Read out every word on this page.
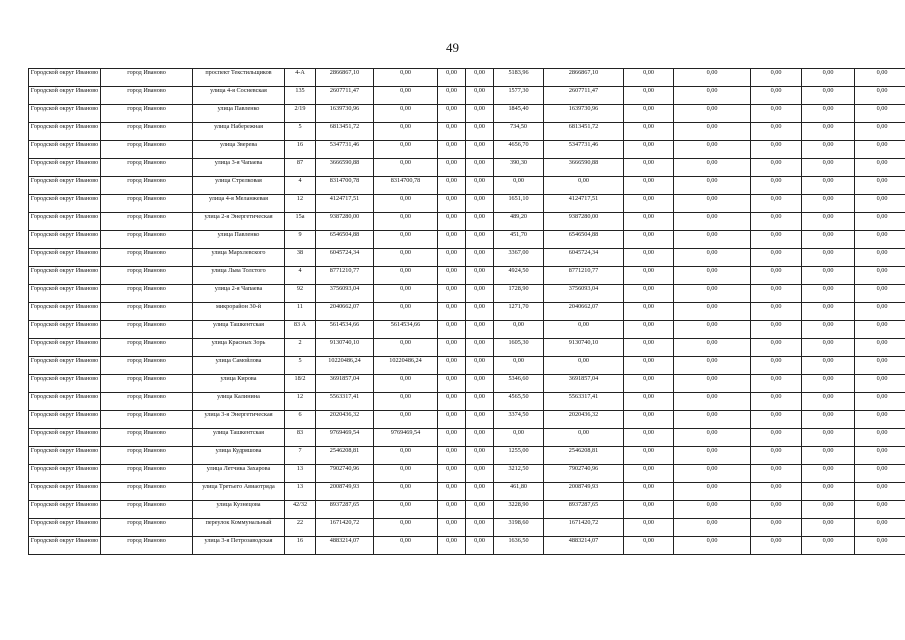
49
Городской округ Иваново	город Иваново	проспект Текстильщиков	4-А	2866867,10	0,00	0,00	0,00	5183,96	2866867,10	0,00	0,00	0,00	0,00	0,00
Городской округ Иваново	город Иваново	улица 4-я Сосневская	135	2607711,47	0,00	0,00	0,00	1577,30	2607711,47	0,00	0,00	0,00	0,00	0,00
Городской округ Иваново	город Иваново	улица Павленко	2/19	1639730,96	0,00	0,00	0,00	1845,40	1639730,96	0,00	0,00	0,00	0,00	0,00
Городской округ Иваново	город Иваново	улица Набережная	5	6813451,72	0,00	0,00	0,00	734,50	6813451,72	0,00	0,00	0,00	0,00	0,00
Городской округ Иваново	город Иваново	улица Зверева	16	5347731,46	0,00	0,00	0,00	4656,70	5347731,46	0,00	0,00	0,00	0,00	0,00
Городской округ Иваново	город Иваново	улица 3-я Чапаева	87	3666590,88	0,00	0,00	0,00	390,30	3666590,88	0,00	0,00	0,00	0,00	0,00
Городской округ Иваново	город Иваново	улица Стрелковая	4	8314700,78	8314700,78	0,00	0,00	0,00	0,00	0,00	0,00	0,00	0,00	0,00
Городской округ Иваново	город Иваново	улица 4-я Меланжевая	12	4124717,51	0,00	0,00	0,00	1651,10	4124717,51	0,00	0,00	0,00	0,00	0,00
Городской округ Иваново	город Иваново	улица 2-я Энергетическая	15а	9387280,00	0,00	0,00	0,00	489,20	9387280,00	0,00	0,00	0,00	0,00	0,00
Городской округ Иваново	город Иваново	улица Павленко	9	6546504,88	0,00	0,00	0,00	451,70	6546504,88	0,00	0,00	0,00	0,00	0,00
Городской округ Иваново	город Иваново	улица Мархлевского	38	6045724,34	0,00	0,00	0,00	3367,00	6045724,34	0,00	0,00	0,00	0,00	0,00
Городской округ Иваново	город Иваново	улица Льва Толстого	4	8771210,77	0,00	0,00	0,00	4924,50	8771210,77	0,00	0,00	0,00	0,00	0,00
Городской округ Иваново	город Иваново	улица 2-я Чапаева	92	3756093,04	0,00	0,00	0,00	1728,90	3756093,04	0,00	0,00	0,00	0,00	0,00
Городской округ Иваново	город Иваново	микрорайон 30-й	11	2040662,07	0,00	0,00	0,00	1271,70	2040662,07	0,00	0,00	0,00	0,00	0,00
Городской округ Иваново	город Иваново	улица Ташкентская	83 А	5614534,66	5614534,66	0,00	0,00	0,00	0,00	0,00	0,00	0,00	0,00	0,00
Городской округ Иваново	город Иваново	улица Красных Зорь	2	9130740,10	0,00	0,00	0,00	1605,30	9130740,10	0,00	0,00	0,00	0,00	0,00
Городской округ Иваново	город Иваново	улица Самойлова	5	10220486,24	10220486,24	0,00	0,00	0,00	0,00	0,00	0,00	0,00	0,00	0,00
Городской округ Иваново	город Иваново	улица Кирова	18/2	3691857,04	0,00	0,00	0,00	5346,60	3691857,04	0,00	0,00	0,00	0,00	0,00
Городской округ Иваново	город Иваново	улица Калинина	12	5563317,41	0,00	0,00	0,00	4565,50	5563317,41	0,00	0,00	0,00	0,00	0,00
Городской округ Иваново	город Иваново	улица 3-я Энергетическая	6	2020436,32	0,00	0,00	0,00	3374,50	2020436,32	0,00	0,00	0,00	0,00	0,00
Городской округ Иваново	город Иваново	улица Ташкентская	83	9769469,54	9769469,54	0,00	0,00	0,00	0,00	0,00	0,00	0,00	0,00	0,00
Городской округ Иваново	город Иваново	улица Кудряшова	7	2546208,81	0,00	0,00	0,00	1255,00	2546208,81	0,00	0,00	0,00	0,00	0,00
Городской округ Иваново	город Иваново	улица Летчика Захарова	13	7902740,96	0,00	0,00	0,00	3212,50	7902740,96	0,00	0,00	0,00	0,00	0,00
Городской округ Иваново	город Иваново	улица Третьего Авиаотряда	13	2008749,93	0,00	0,00	0,00	461,80	2008749,93	0,00	0,00	0,00	0,00	0,00
Городской округ Иваново	город Иваново	улица Кузнецова	42/32	8937287,65	0,00	0,00	0,00	3228,90	8937287,65	0,00	0,00	0,00	0,00	0,00
Городской округ Иваново	город Иваново	переулок Коммунальный	22	1671420,72	0,00	0,00	0,00	3198,60	1671420,72	0,00	0,00	0,00	0,00	0,00
Городской округ Иваново	город Иваново	улица 3-я Петрозаводская	16	4883214,07	0,00	0,00	0,00	1636,50	4883214,07	0,00	0,00	0,00	0,00	0,00
